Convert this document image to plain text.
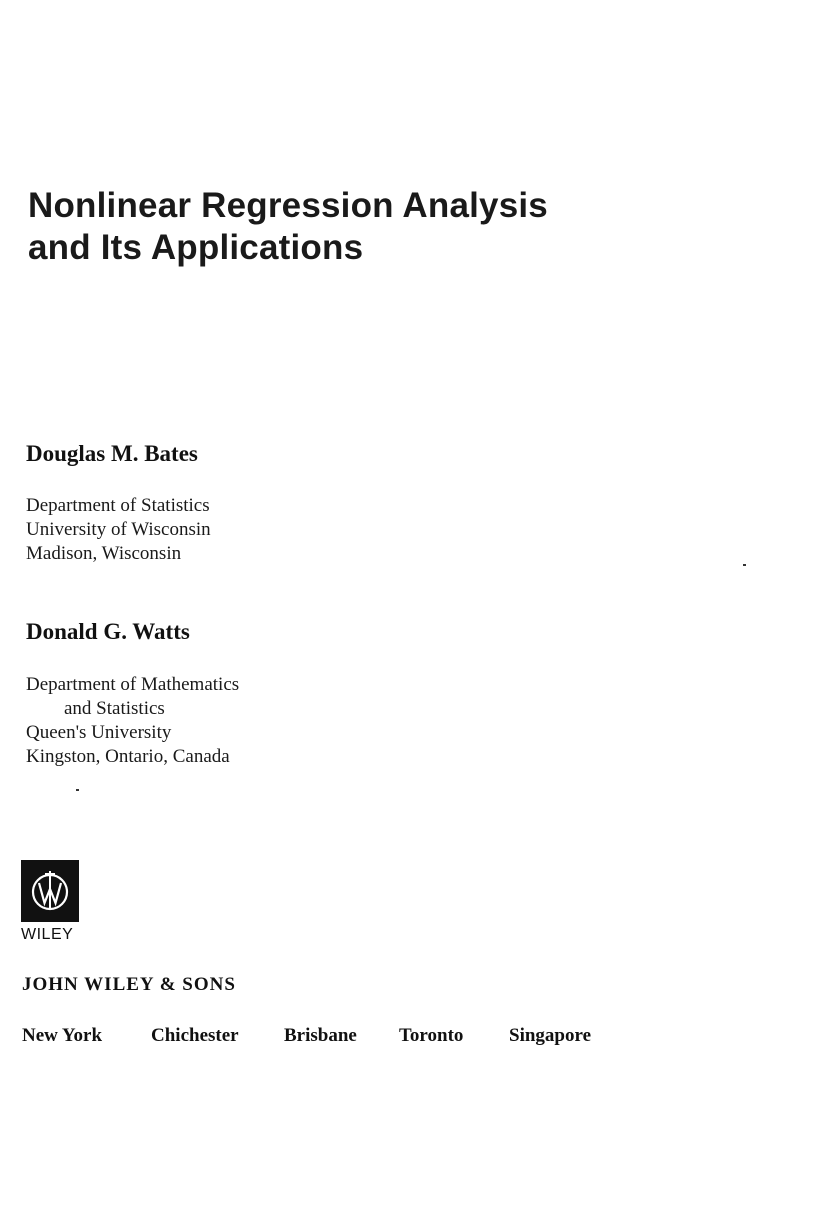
Nonlinear Regression Analysis
and Its Applications
Douglas M. Bates
Department of Statistics
University of Wisconsin
Madison, Wisconsin
Donald G. Watts
Department of Mathematics
and Statistics
Queen's University
Kingston, Ontario, Canada
WILEY
JOHN WILEY & SONS
New York	Chichester Brisbane Toronto Singapore
